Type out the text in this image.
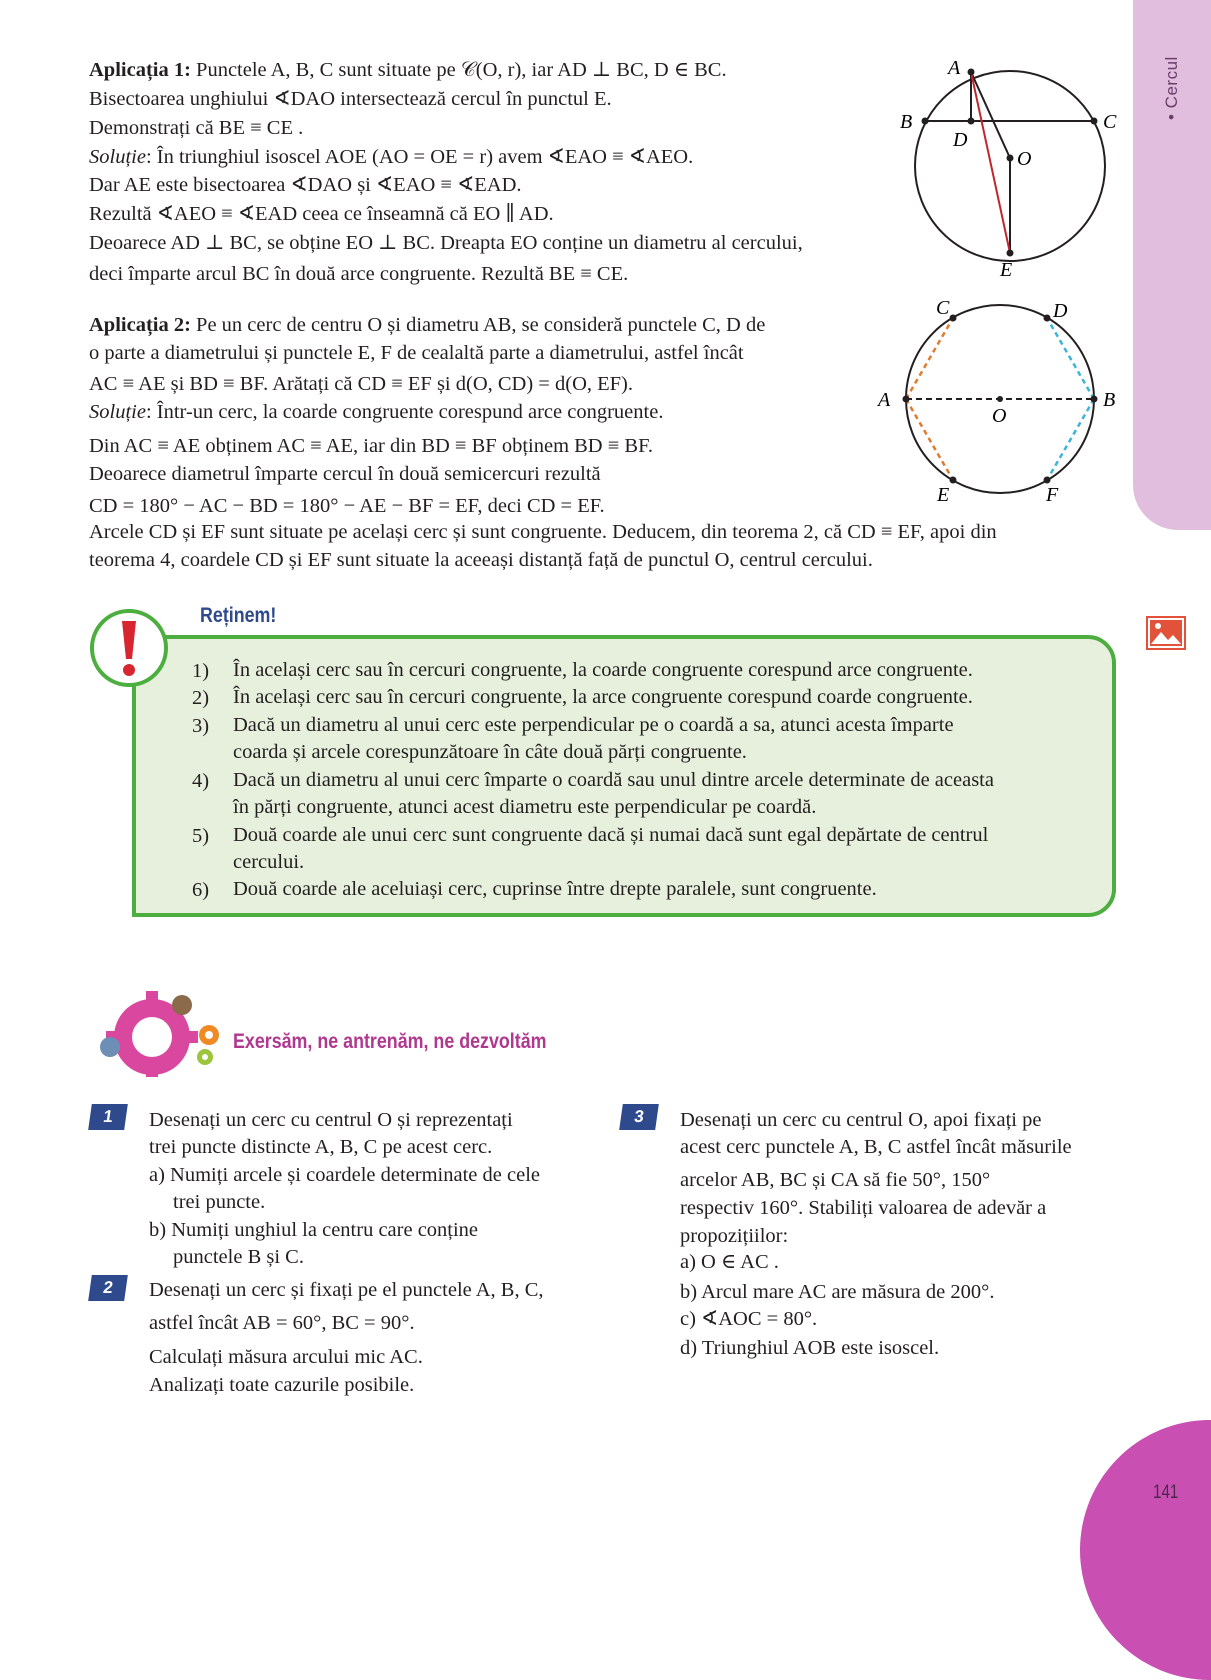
• Cercul
Aplicația 1: Punctele A, B, C sunt situate pe 𝒞(O, r), iar AD ⊥ BC, D ∈ BC.
Bisectoarea unghiului ∢DAO intersectează cercul în punctul E.
Demonstrați că BE ≡ CE .
Soluție: În triunghiul isoscel AOE (AO = OE = r) avem ∢EAO ≡ ∢AEO.
Dar AE este bisectoarea ∢DAO și ∢EAO ≡ ∢EAD.
Rezultă ∢AEO ≡ ∢EAD ceea ce înseamnă că EO ∥ AD.
Deoarece AD ⊥ BC, se obține EO ⊥ BC. Dreapta EO conține un diametru al cercului,
deci împarte arcul BC în două arce congruente. Rezultă BE ≡ CE.
A
B	C
D
O
E
Aplicația 2: Pe un cerc de centru O și diametru AB, se consideră punctele C, D de
o parte a diametrului și punctele E, F de cealaltă parte a diametrului, astfel încât
AC ≡ AE și BD ≡ BF. Arătați că CD ≡ EF și d(O, CD) = d(O, EF).
Soluție: Într-un cerc, la coarde congruente corespund arce congruente.
Din AC ≡ AE obținem AC ≡ AE, iar din BD ≡ BF obținem BD ≡ BF.
Deoarece diametrul împarte cercul în două semicercuri rezultă
CD = 180° − AC − BD = 180° − AE − BF = EF, deci CD = EF.
Arcele CD și EF sunt situate pe același cerc și sunt congruente. Deducem, din teorema 2, că CD ≡ EF, apoi din
teorema 4, coardele CD și EF sunt situate la aceeași distanță față de punctul O, centrul cercului.
A	B
C	D
E	F
O
Reținem!
1) În același cerc sau în cercuri congruente, la coarde congruente corespund arce congruente.
2) În același cerc sau în cercuri congruente, la arce congruente corespund coarde congruente.
3) Dacă un diametru al unui cerc este perpendicular pe o coardă a sa, atunci acesta împarte
coarda și arcele corespunzătoare în câte două părți congruente.
4) Dacă un diametru al unui cerc împarte o coardă sau unul dintre arcele determinate de aceasta
în părți congruente, atunci acest diametru este perpendicular pe coardă.
5) Două coarde ale unui cerc sunt congruente dacă și numai dacă sunt egal depărtate de centrul
cercului.
6) Două coarde ale aceluiași cerc, cuprinse între drepte paralele, sunt congruente.
Exersăm, ne antrenăm, ne dezvoltăm
1
2
3
Desenați un cerc cu centrul O și reprezentați
trei puncte distincte A, B, C pe acest cerc.
a) Numiți arcele și coardele determinate de cele
trei puncte.
b) Numiți unghiul la centru care conține
punctele B și C.
Desenați un cerc și fixați pe el punctele A, B, C,
astfel încât AB = 60°, BC = 90°.
Calculați măsura arcului mic AC.
Analizați toate cazurile posibile.
Desenați un cerc cu centrul O, apoi fixați pe
acest cerc punctele A, B, C astfel încât măsurile
arcelor AB, BC și CA să fie 50°, 150°
respectiv 160°. Stabiliți valoarea de adevăr a
propozițiilor:
a) O ∈ AC .
b) Arcul mare AC are măsura de 200°.
c) ∢AOC = 80°.
d) Triunghiul AOB este isoscel.
141
